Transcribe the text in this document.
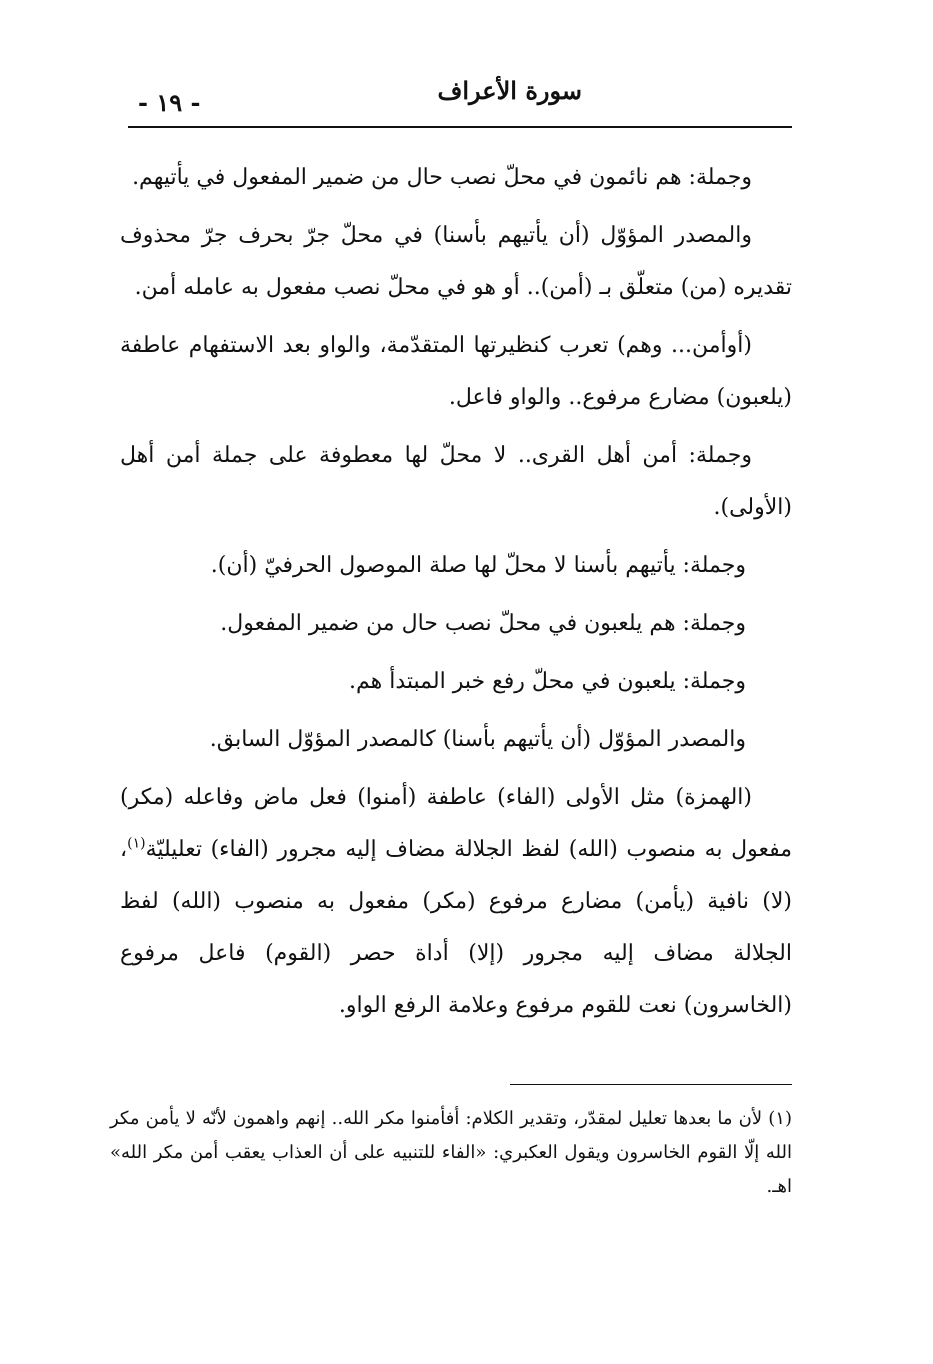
سورة الأعراف
- ١٩ -

وجملة: هم نائمون في محلّ نصب حال من ضمير المفعول في يأتيهم.

والمصدر المؤوّل (أن يأتيهم بأسنا) في محلّ جرّ بحرف جرّ محذوف تقديره (من) متعلّق بـ (أمن).. أو هو في محلّ نصب مفعول به عامله أمن.

(أوأمن... وهم) تعرب كنظيرتها المتقدّمة، والواو بعد الاستفهام عاطفة (يلعبون) مضارع مرفوع.. والواو فاعل.

وجملة: أمن أهل القرى.. لا محلّ لها معطوفة على جملة أمن أهل (الأولى).

وجملة: يأتيهم بأسنا لا محلّ لها صلة الموصول الحرفيّ (أن).

وجملة: هم يلعبون في محلّ نصب حال من ضمير المفعول.

وجملة: يلعبون في محلّ رفع خبر المبتدأ هم.

والمصدر المؤوّل (أن يأتيهم بأسنا) كالمصدر المؤوّل السابق.

(الهمزة) مثل الأولى (الفاء) عاطفة (أمنوا) فعل ماض وفاعله (مكر) مفعول به منصوب (الله) لفظ الجلالة مضاف إليه مجرور (الفاء) تعليليّة$^{(١)}$، (لا) نافية (يأمن) مضارع مرفوع (مكر) مفعول به منصوب (الله) لفظ الجلالة مضاف إليه مجرور (إلا) أداة حصر (القوم) فاعل مرفوع (الخاسرون) نعت للقوم مرفوع وعلامة الرفع الواو.

(١) لأن ما بعدها تعليل لمقدّر، وتقدير الكلام: أفأمنوا مكر الله.. إنهم واهمون لأنّه لا يأمن مكر الله إلّا القوم الخاسرون ويقول العكبري: «الفاء للتنبيه على أن العذاب يعقب أمن مكر الله» اهـ.
